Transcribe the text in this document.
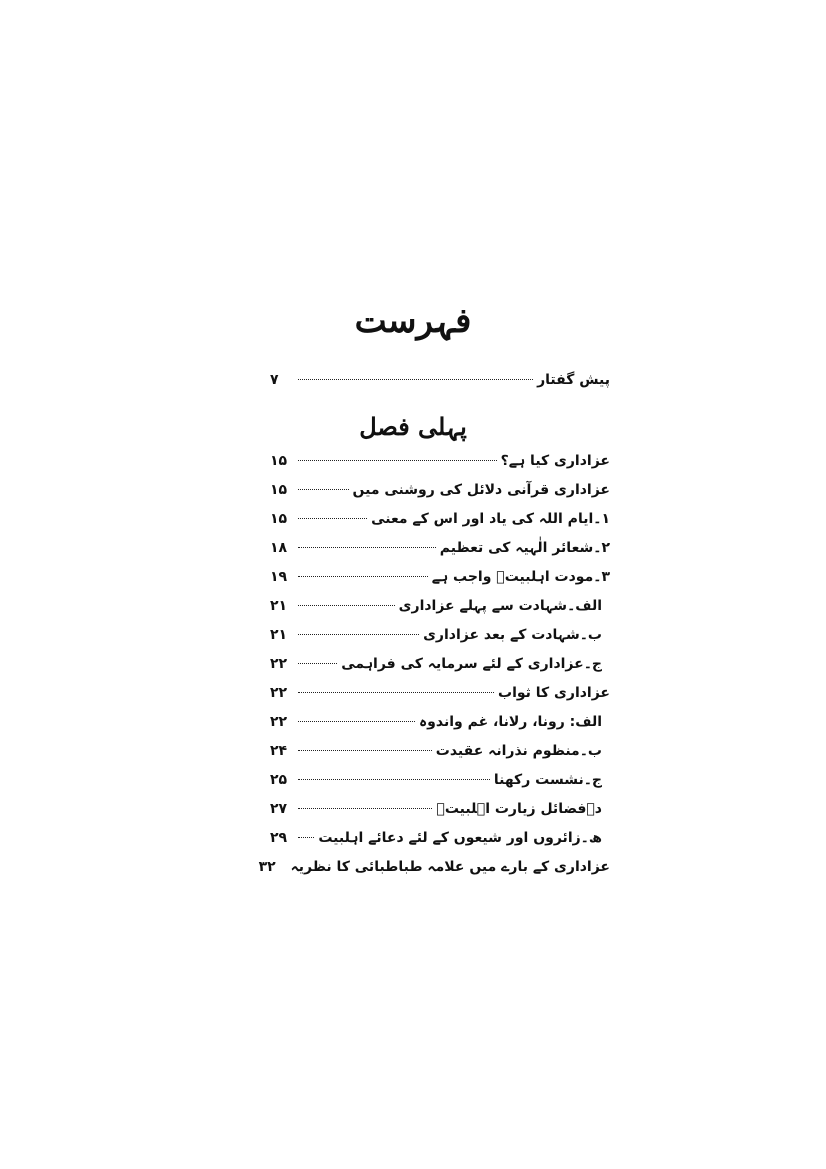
فہرست
پیش گفتار
۷
پہلی فصل
عزاداری کیا ہے؟
۱۵
عزاداری قرآنی دلائل کی روشنی میں
۱۵
۱۔ایام اللہ کی یاد اور اس کے معنی
۱۵
۲۔شعائر الٰہیہ کی تعظیم
۱۸
۳۔مودت اہلبیتؑ واجب ہے
۱۹
الف۔شہادت سے پہلے عزاداری
۲۱
ب۔شہادت کے بعد عزاداری
۲۱
ج۔عزاداری کے لئے سرمایہ کی فراہمی
۲۲
عزاداری کا ثواب
۲۲
الف: رونا، رلانا، غم واندوہ
۲۲
ب۔منظوم نذرانہ عقیدت
۲۴
ج۔نشست رکھنا
۲۵
د۔فضائل زیارت اہلبیتؑ
۲۷
ھ۔زائروں اور شیعوں کے لئے دعائے اہلبیت
۲۹
عزاداری کے بارے میں علامہ طباطبائی کا نظریہ
۳۲
